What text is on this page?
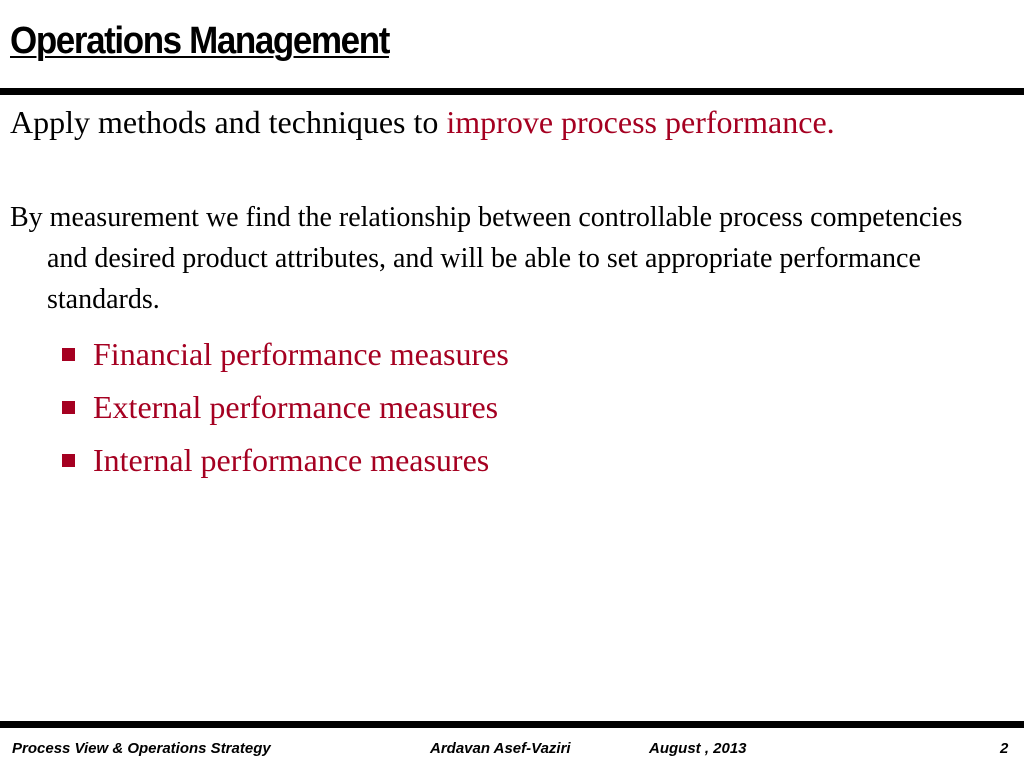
Operations Management

Apply methods and techniques to improve process performance.

By measurement we find the relationship between controllable process competencies and desired product attributes, and will be able to set appropriate performance standards.

Financial performance measures
External performance measures
Internal performance measures
Process View & Operations Strategy	Ardavan Asef-Vaziri	August , 2013	2
